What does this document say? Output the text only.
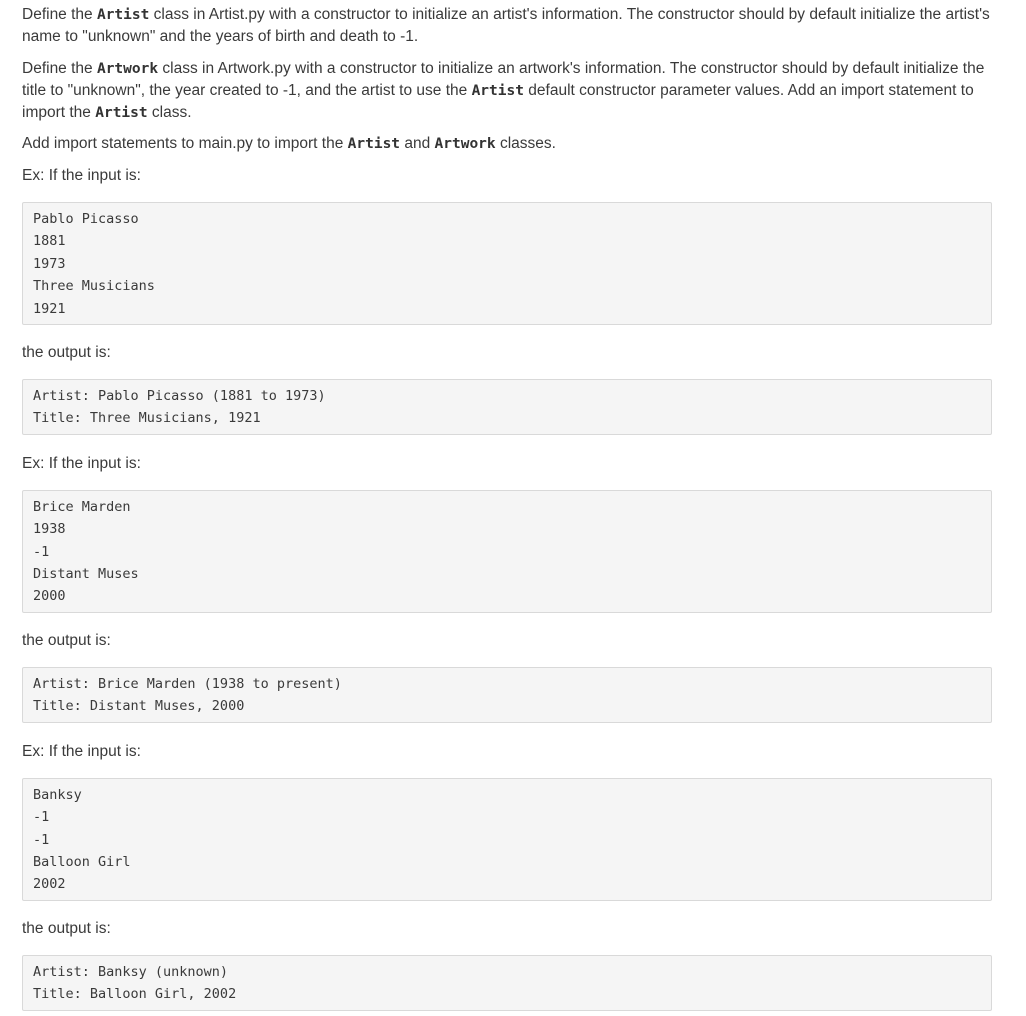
Define the Artist class in Artist.py with a constructor to initialize an artist's information. The constructor should by default initialize the artist's name to "unknown" and the years of birth and death to -1.

Define the Artwork class in Artwork.py with a constructor to initialize an artwork's information. The constructor should by default initialize the title to "unknown", the year created to -1, and the artist to use the Artist default constructor parameter values. Add an import statement to import the Artist class.

Add import statements to main.py to import the Artist and Artwork classes.

Ex: If the input is:

Pablo Picasso
1881
1973
Three Musicians
1921

the output is:

Artist: Pablo Picasso (1881 to 1973)
Title: Three Musicians, 1921

Ex: If the input is:

Brice Marden
1938
-1
Distant Muses
2000

the output is:

Artist: Brice Marden (1938 to present)
Title: Distant Muses, 2000

Ex: If the input is:

Banksy
-1
-1
Balloon Girl
2002

the output is:

Artist: Banksy (unknown)
Title: Balloon Girl, 2002
